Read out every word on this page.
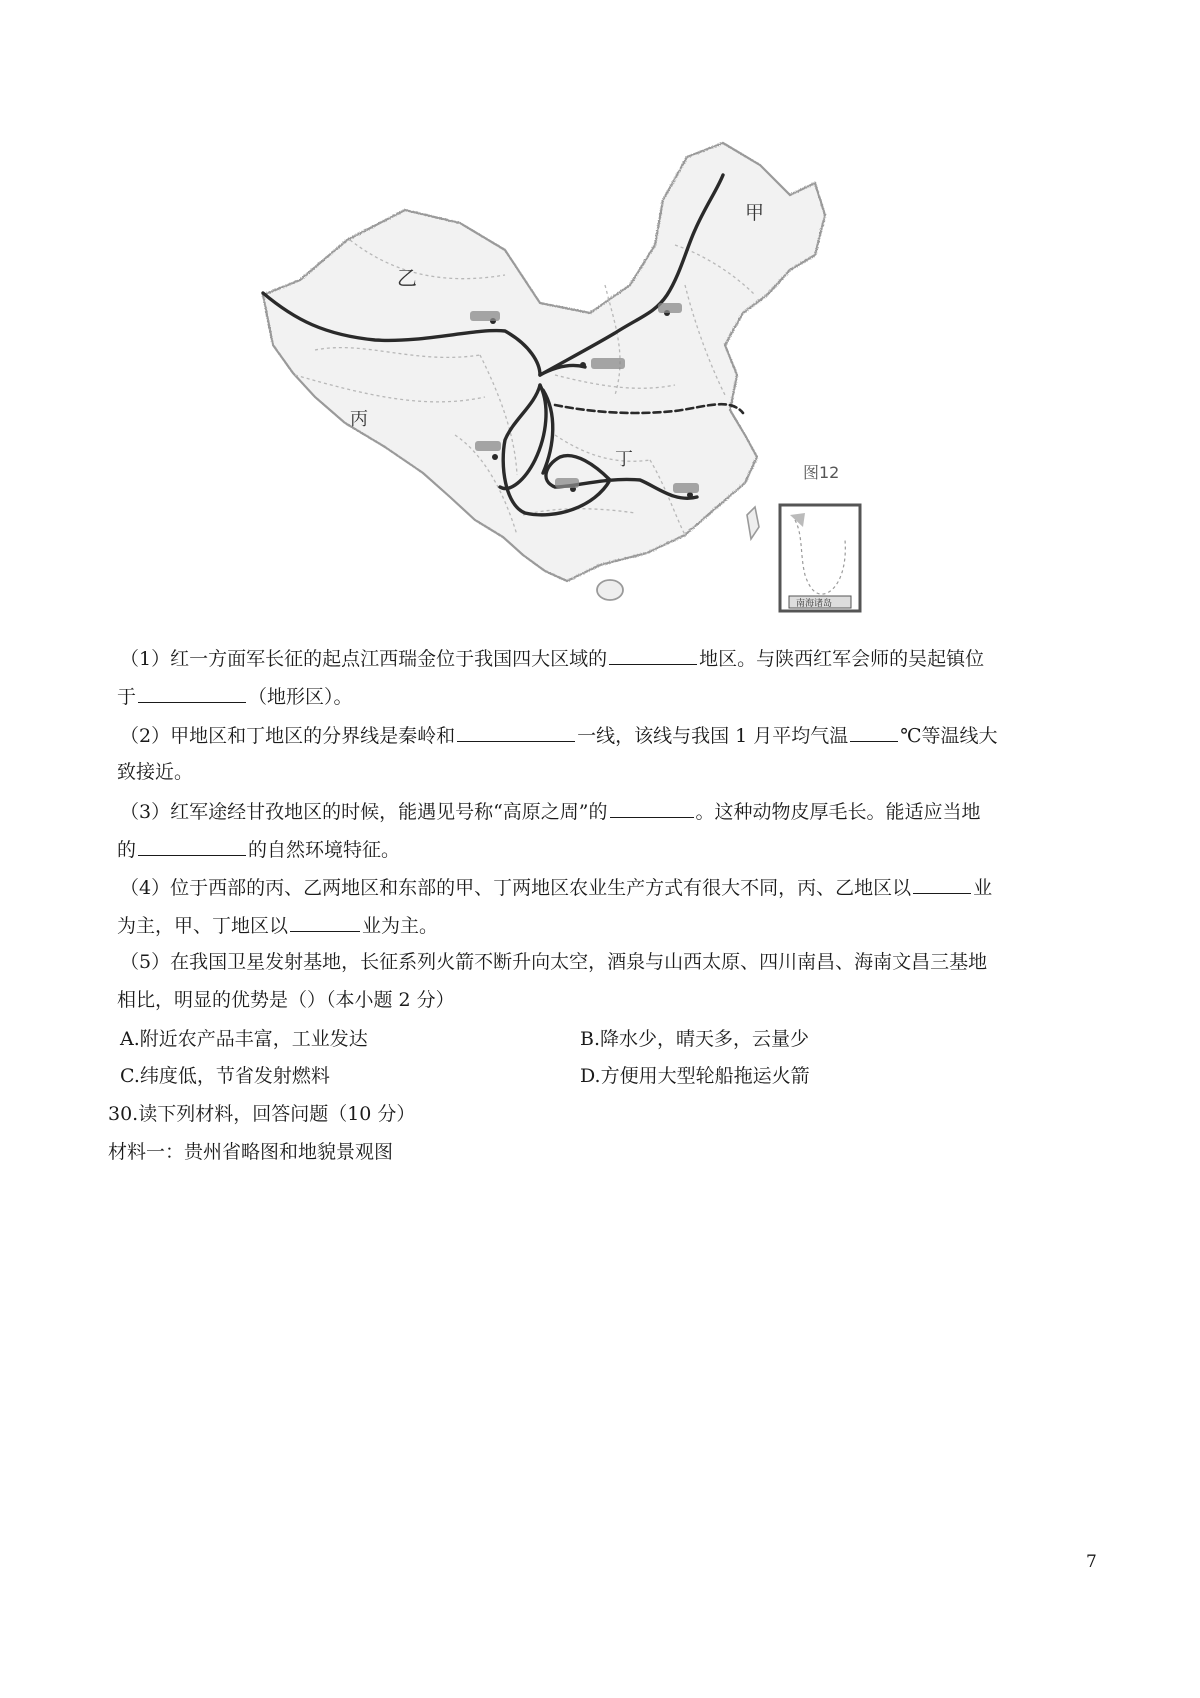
甲
乙
丙
丁
图12
南海诸岛
（1）红一方面军长征的起点江西瑞金位于我国四大区域的	地区。与陕西红军会师的吴起镇位
于	（地形区）。
（2）甲地区和丁地区的分界线是秦岭和	一线，该线与我国 1 月平均气温	℃等温线大
致接近。
（3）红军途经甘孜地区的时候，能遇见号称“高原之周”的	。这种动物皮厚毛长。能适应当地
的	的自然环境特征。
（4）位于西部的丙、乙两地区和东部的甲、丁两地区农业生产方式有很大不同，丙、乙地区以	业
为主，甲、丁地区以	业为主。
（5）在我国卫星发射基地，长征系列火箭不断升向太空，酒泉与山西太原、四川南昌、海南文昌三基地
相比，明显的优势是（）（本小题 2 分）
A.附近农产品丰富，工业发达	B.降水少，晴天多，云量少
C.纬度低，节省发射燃料	D.方便用大型轮船拖运火箭
30.读下列材料，回答问题（10 分）
材料一：贵州省略图和地貌景观图
7
